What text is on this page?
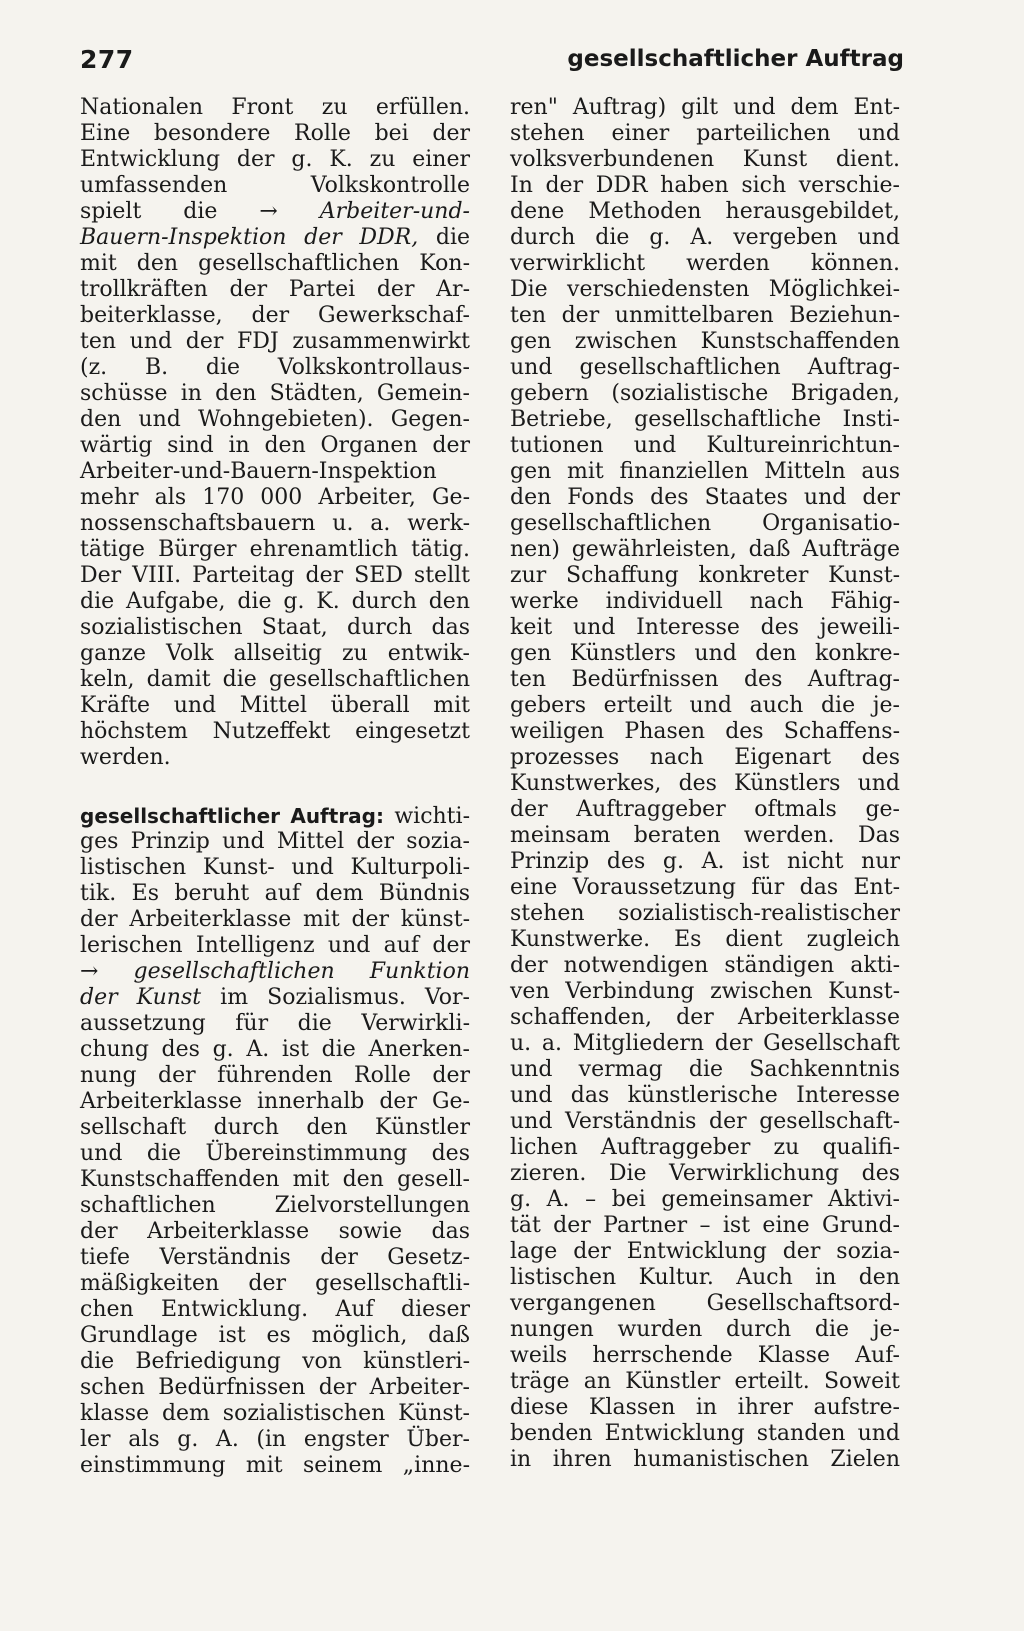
277	gesellschaftlicher Auftrag
Nationalen Front zu erfüllen.
Eine besondere Rolle bei der
Entwicklung der g. K. zu einer
umfassenden Volkskontrolle
spielt die → Arbeiter-und-
Bauern-Inspektion der DDR, die
mit den gesellschaftlichen Kon-
trollkräften der Partei der Ar-
beiterklasse, der Gewerkschaf-
ten und der FDJ zusammenwirkt
(z. B. die Volkskontrollaus-
schüsse in den Städten, Gemein-
den und Wohngebieten). Gegen-
wärtig sind in den Organen der
Arbeiter-und-Bauern-Inspektion
mehr als 170 000 Arbeiter, Ge-
nossenschaftsbauern u. a. werk-
tätige Bürger ehrenamtlich tätig.
Der VIII. Parteitag der SED stellt
die Aufgabe, die g. K. durch den
sozialistischen Staat, durch das
ganze Volk allseitig zu entwik-
keln, damit die gesellschaftlichen
Kräfte und Mittel überall mit
höchstem Nutzeffekt eingesetzt
werden.
gesellschaftlicher Auftrag: wichti-
ges Prinzip und Mittel der sozia-
listischen Kunst- und Kulturpoli-
tik. Es beruht auf dem Bündnis
der Arbeiterklasse mit der künst-
lerischen Intelligenz und auf der
→ gesellschaftlichen Funktion
der Kunst im Sozialismus. Vor-
aussetzung für die Verwirkli-
chung des g. A. ist die Anerken-
nung der führenden Rolle der
Arbeiterklasse innerhalb der Ge-
sellschaft durch den Künstler
und die Übereinstimmung des
Kunstschaffenden mit den gesell-
schaftlichen Zielvorstellungen
der Arbeiterklasse sowie das
tiefe Verständnis der Gesetz-
mäßigkeiten der gesellschaftli-
chen Entwicklung. Auf dieser
Grundlage ist es möglich, daß
die Befriedigung von künstleri-
schen Bedürfnissen der Arbeiter-
klasse dem sozialistischen Künst-
ler als g. A. (in engster Über-
einstimmung mit seinem „inne-
ren" Auftrag) gilt und dem Ent-
stehen einer parteilichen und
volksverbundenen Kunst dient.
In der DDR haben sich verschie-
dene Methoden herausgebildet,
durch die g. A. vergeben und
verwirklicht werden können.
Die verschiedensten Möglichkei-
ten der unmittelbaren Beziehun-
gen zwischen Kunstschaffenden
und gesellschaftlichen Auftrag-
gebern (sozialistische Brigaden,
Betriebe, gesellschaftliche Insti-
tutionen und Kultureinrichtun-
gen mit finanziellen Mitteln aus
den Fonds des Staates und der
gesellschaftlichen Organisatio-
nen) gewährleisten, daß Aufträge
zur Schaffung konkreter Kunst-
werke individuell nach Fähig-
keit und Interesse des jeweili-
gen Künstlers und den konkre-
ten Bedürfnissen des Auftrag-
gebers erteilt und auch die je-
weiligen Phasen des Schaffens-
prozesses nach Eigenart des
Kunstwerkes, des Künstlers und
der Auftraggeber oftmals ge-
meinsam beraten werden. Das
Prinzip des g. A. ist nicht nur
eine Voraussetzung für das Ent-
stehen sozialistisch-realistischer
Kunstwerke. Es dient zugleich
der notwendigen ständigen akti-
ven Verbindung zwischen Kunst-
schaffenden, der Arbeiterklasse
u. a. Mitgliedern der Gesellschaft
und vermag die Sachkenntnis
und das künstlerische Interesse
und Verständnis der gesellschaft-
lichen Auftraggeber zu qualifi-
zieren. Die Verwirklichung des
g. A. – bei gemeinsamer Aktivi-
tät der Partner – ist eine Grund-
lage der Entwicklung der sozia-
listischen Kultur. Auch in den
vergangenen Gesellschaftsord-
nungen wurden durch die je-
weils herrschende Klasse Auf-
träge an Künstler erteilt. Soweit
diese Klassen in ihrer aufstre-
benden Entwicklung standen und
in ihren humanistischen Zielen
